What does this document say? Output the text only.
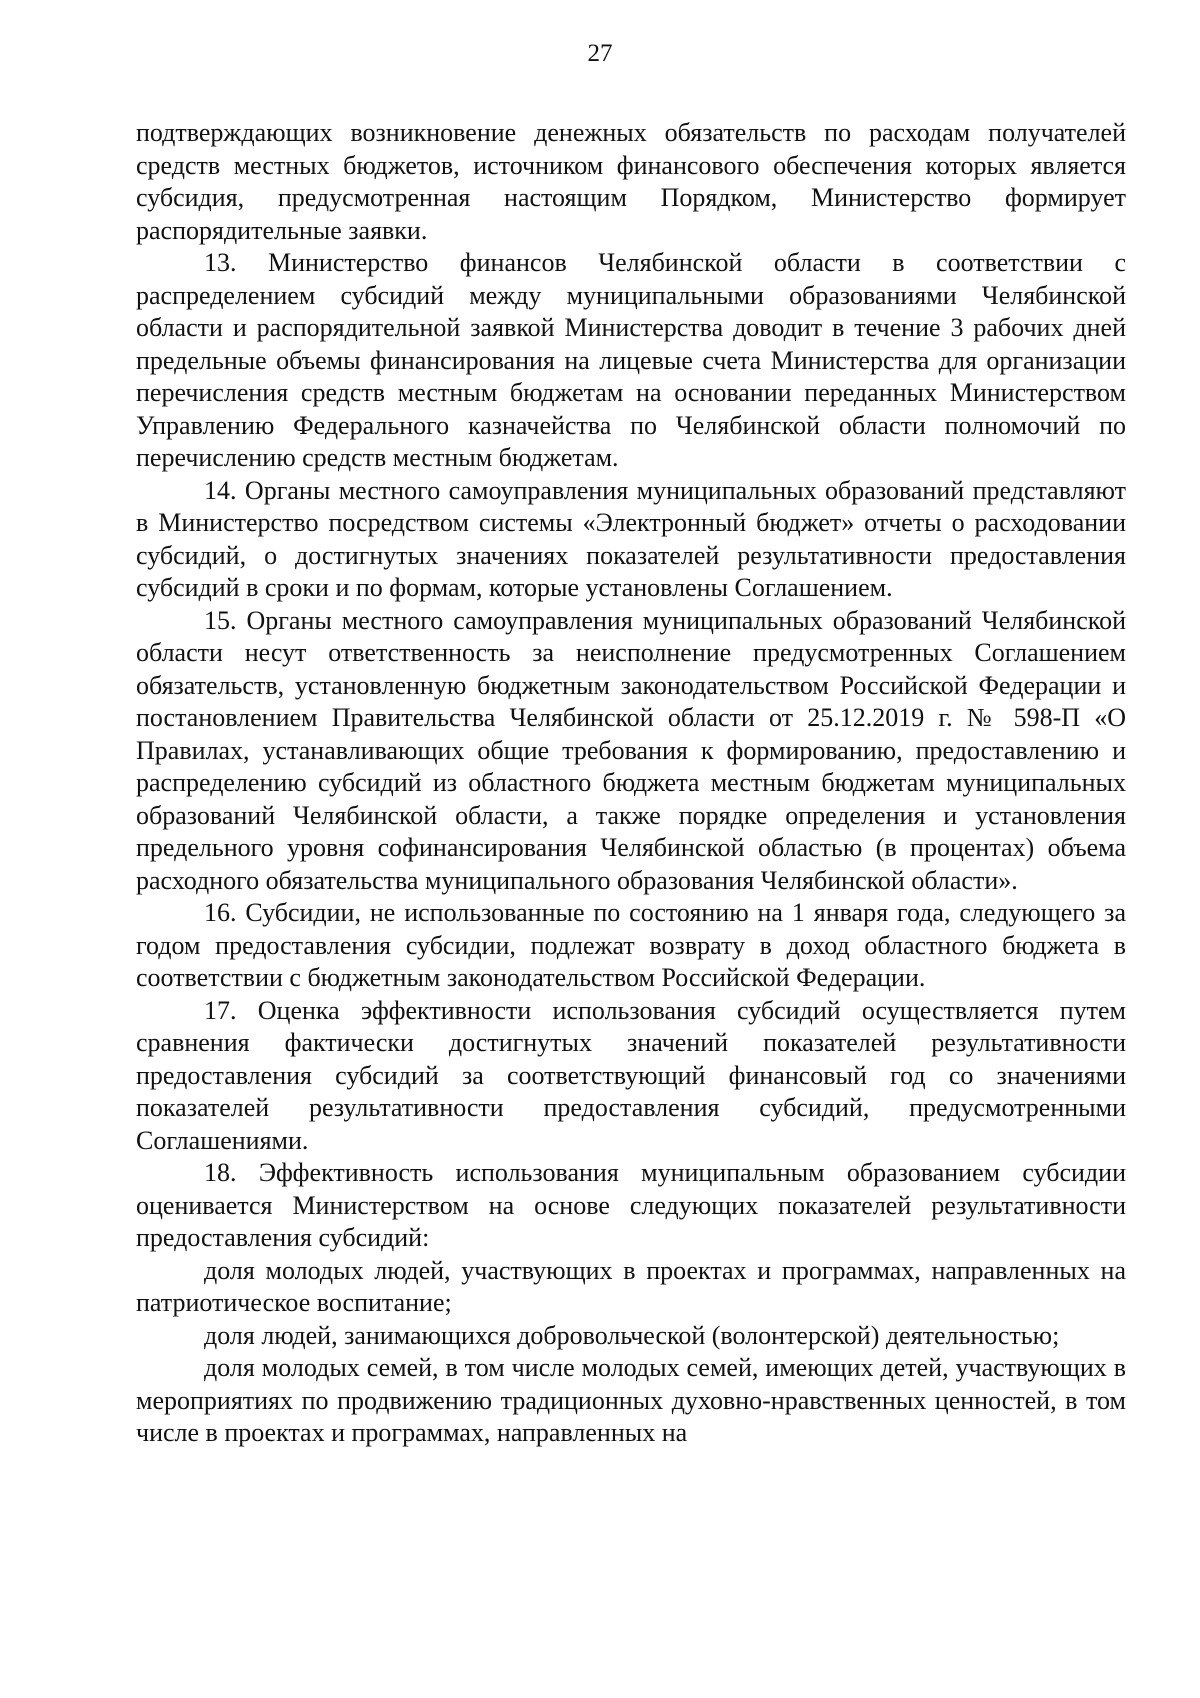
27

подтверждающих возникновение денежных обязательств по расходам получателей средств местных бюджетов, источником финансового обеспечения которых является субсидия, предусмотренная настоящим Порядком, Министерство формирует распорядительные заявки.

13. Министерство финансов Челябинской области в соответствии с распределением субсидий между муниципальными образованиями Челябинской области и распорядительной заявкой Министерства доводит в течение 3 рабочих дней предельные объемы финансирования на лицевые счета Министерства для организации перечисления средств местным бюджетам на основании переданных Министерством Управлению Федерального казначейства по Челябинской области полномочий по перечислению средств местным бюджетам.

14. Органы местного самоуправления муниципальных образований представляют в Министерство посредством системы «Электронный бюджет» отчеты о расходовании субсидий, о достигнутых значениях показателей результативности предоставления субсидий в сроки и по формам, которые установлены Соглашением.

15. Органы местного самоуправления муниципальных образований Челябинской области несут ответственность за неисполнение предусмотренных Соглашением обязательств, установленную бюджетным законодательством Российской Федерации и постановлением Правительства Челябинской области от 25.12.2019 г. № 598-П «О Правилах, устанавливающих общие требования к формированию, предоставлению и распределению субсидий из областного бюджета местным бюджетам муниципальных образований Челябинской области, а также порядке определения и установления предельного уровня софинансирования Челябинской областью (в процентах) объема расходного обязательства муниципального образования Челябинской области».

16. Субсидии, не использованные по состоянию на 1 января года, следующего за годом предоставления субсидии, подлежат возврату в доход областного бюджета в соответствии с бюджетным законодательством Российской Федерации.

17. Оценка эффективности использования субсидий осуществляется путем сравнения фактически достигнутых значений показателей результативности предоставления субсидий за соответствующий финансовый год со значениями показателей результативности предоставления субсидий, предусмотренными Соглашениями.

18. Эффективность использования муниципальным образованием субсидии оценивается Министерством на основе следующих показателей результативности предоставления субсидий:

доля молодых людей, участвующих в проектах и программах, направленных на патриотическое воспитание;

доля людей, занимающихся добровольческой (волонтерской) деятельностью;

доля молодых семей, в том числе молодых семей, имеющих детей, участвующих в мероприятиях по продвижению традиционных духовно-нравственных ценностей, в том числе в проектах и программах, направленных на
